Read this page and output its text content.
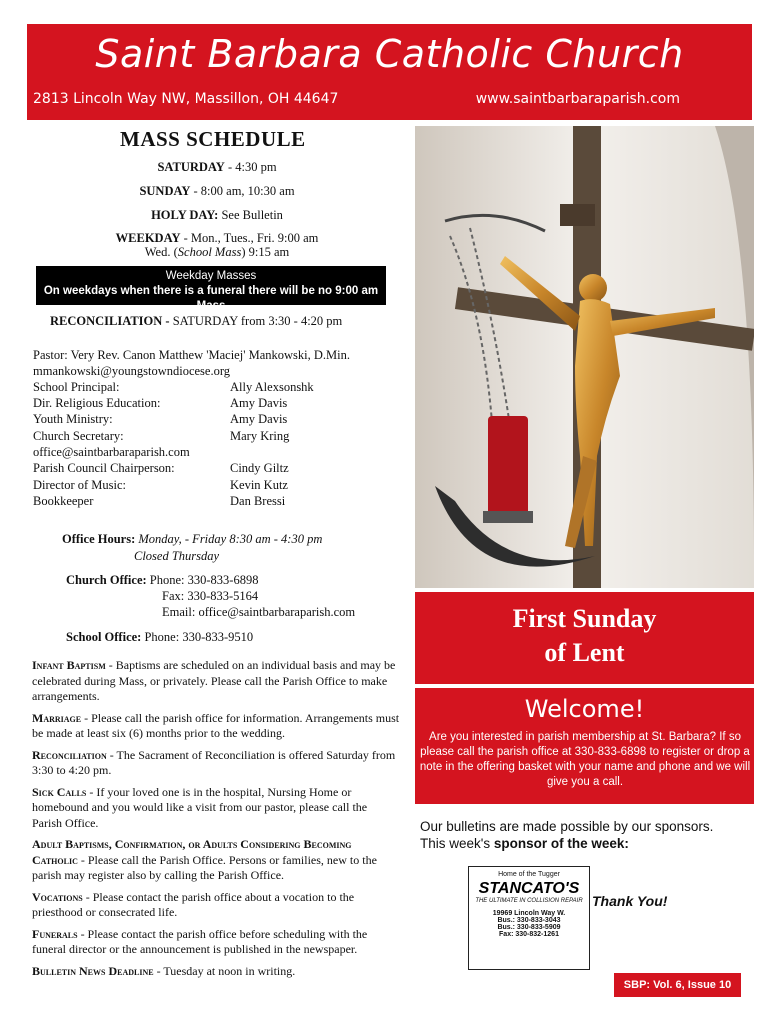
Saint Barbara Catholic Church
2813 Lincoln Way NW, Massillon, OH 44647	www.saintbarbaraparish.com
MASS SCHEDULE
SATURDAY - 4:30 pm
SUNDAY - 8:00 am, 10:30 am
HOLY DAY: See Bulletin
WEEKDAY - Mon., Tues., Fri. 9:00 am
Wed. (School Mass) 9:15 am
Weekday Masses
On weekdays when there is a funeral there will be no 9:00 am Mass
RECONCILIATION - SATURDAY from 3:30 - 4:20 pm
Pastor: Very Rev. Canon Matthew 'Maciej' Mankowski, D.Min.
mmankowski@youngstowndiocese.org
School Principal:	Ally Alexsonshk
Dir. Religious Education:	Amy Davis
Youth Ministry:	Amy Davis
Church Secretary:	Mary Kring
office@saintbarbaraparish.com
Parish Council Chairperson:	Cindy Giltz
Director of Music:	Kevin Kutz
Bookkeeper	Dan Bressi
Office Hours: Monday, - Friday 8:30 am - 4:30 pm
Closed Thursday
Church Office: Phone: 330-833-6898
Fax: 330-833-5164
Email: office@saintbarbaraparish.com
School Office: Phone: 330-833-9510

Infant Baptism - Baptisms are scheduled on an individual basis and may be celebrated during Mass, or privately. Please call the Parish Office to make arrangements.

Marriage - Please call the parish office for information. Arrangements must be made at least six (6) months prior to the wedding.

Reconciliation - The Sacrament of Reconciliation is offered Saturday from 3:30 to 4:20 pm.

Sick Calls - If your loved one is in the hospital, Nursing Home or homebound and you would like a visit from our pastor, please call the Parish Office.

Adult Baptisms, Confirmation, or Adults Considering Becoming Catholic - Please call the Parish Office. Persons or families, new to the parish may register also by calling the Parish Office.

Vocations - Please contact the parish office about a vocation to the priesthood or consecrated life.

Funerals - Please contact the parish office before scheduling with the funeral director or the announcement is published in the newspaper.

Bulletin News Deadline - Tuesday at noon in writing.

First Sunday
of Lent
Welcome!
Are you interested in parish membership at St. Barbara? If so please call the parish office at 330-833-6898 to register or drop a note in the offering basket with your name and phone and we will give you a call.
Our bulletins are made possible by our sponsors.
This week's sponsor of the week:
Home of the Tugger
STANCATO'S
THE ULTIMATE IN COLLISION REPAIR
19969 Lincoln Way W.
Bus.: 330-833-3043
Bus.: 330-833-5909
Fax: 330-832-1261
Thank You!
SBP: Vol. 6, Issue 10
